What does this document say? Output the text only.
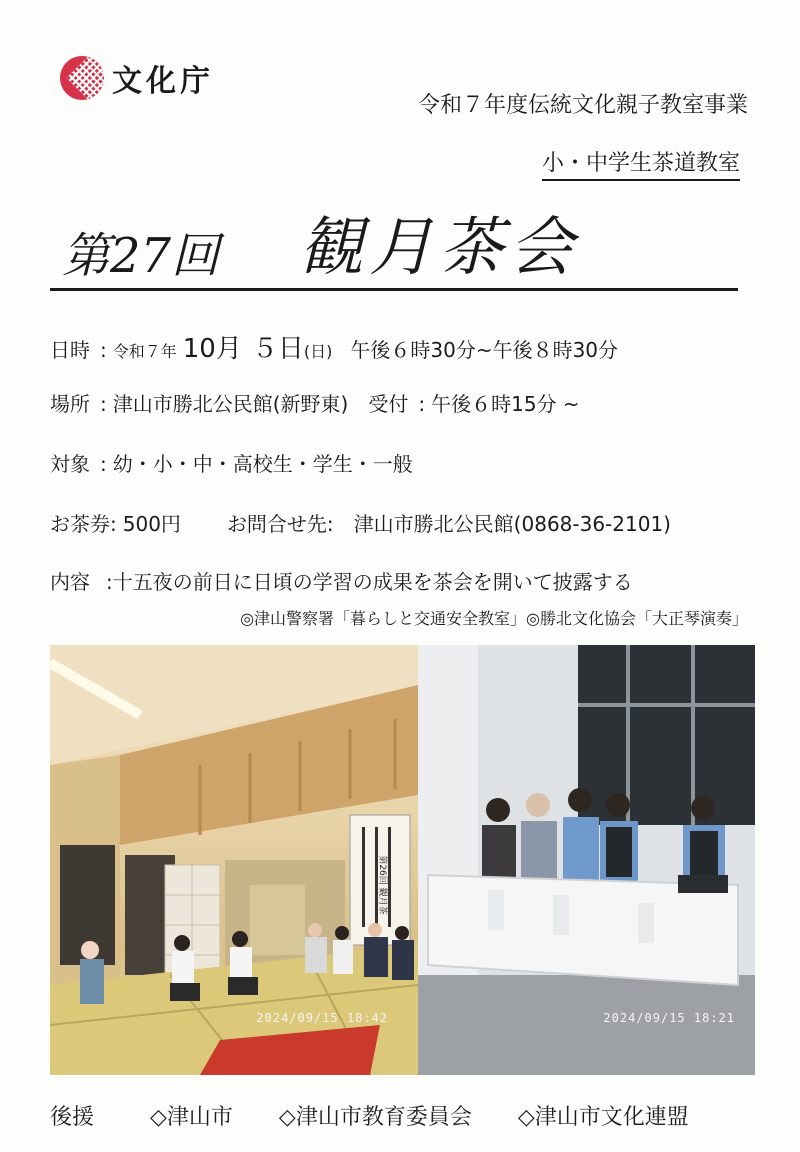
文化庁
令和７年度伝統文化親子教室事業
小・中学生茶道教室
第27回 観月茶会
日時 : 令和７年 10月 ５日 (日) 午後６時30分~午後８時30分
場所 : 津山市勝北公民館(新野東) 受付 : 午後６時15分 ~
対象 : 幼・小・中・高校生・学生・一般
お茶券: 500円 お問合せ先: 津山市勝北公民館(0868-36-2101)
内容 :十五夜の前日に日頃の学習の成果を茶会を開いて披露する
◎津山警察署「暮らしと交通安全教室」◎勝北文化協会「大正琴演奏」
第26回 観月茶
2024/09/15 18:42	2024/09/15 18:21
後援	◇津山市 ◇津山市教育委員会 ◇津山市文化連盟
